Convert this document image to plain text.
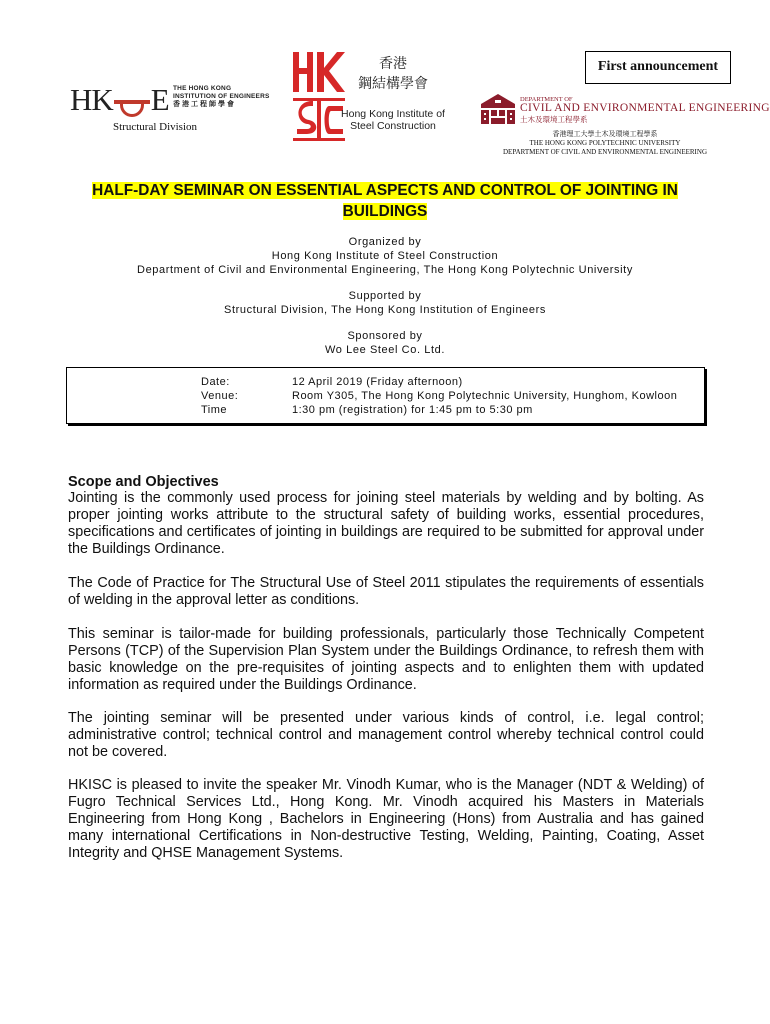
HK E THE HONG KONG
INSTITUTION OF ENGINEERS
香港工程師學會
Structural Division
香港
鋼結構學會
Hong Kong Institute of
Steel Construction
First announcement
DEPARTMENT OF
CIVIL AND ENVIRONMENTAL ENGINEERING
土木及環境工程學系
香港理工大學土木及環境工程學系
THE HONG KONG POLYTECHNIC UNIVERSITY
DEPARTMENT OF CIVIL AND ENVIRONMENTAL ENGINEERING
HALF-DAY SEMINAR ON ESSENTIAL ASPECTS AND CONTROL OF JOINTING IN
BUILDINGS
Organized by
Hong Kong Institute of Steel Construction
Department of Civil and Environmental Engineering, The Hong Kong Polytechnic University
Supported by
Structural Division, The Hong Kong Institution of Engineers
Sponsored by
Wo Lee Steel Co. Ltd.
Date:	12 April 2019 (Friday afternoon)
Venue:	Room Y305, The Hong Kong Polytechnic University, Hunghom, Kowloon
Time	1:30 pm (registration) for 1:45 pm to 5:30 pm
Scope and Objectives
Jointing is the commonly used process for joining steel materials by welding and by bolting. As proper jointing works attribute to the structural safety of building works, essential procedures, specifications and certificates of jointing in buildings are required to be submitted for approval under the Buildings Ordinance.
The Code of Practice for The Structural Use of Steel 2011 stipulates the requirements of essentials of welding in the approval letter as conditions.
This seminar is tailor-made for building professionals, particularly those Technically Competent Persons (TCP) of the Supervision Plan System under the Buildings Ordinance, to refresh them with basic knowledge on the pre-requisites of jointing aspects and to enlighten them with updated information as required under the Buildings Ordinance.
The jointing seminar will be presented under various kinds of control, i.e. legal control; administrative control; technical control and management control whereby technical control could not be covered.
HKISC is pleased to invite the speaker Mr. Vinodh Kumar, who is the Manager (NDT & Welding) of Fugro Technical Services Ltd., Hong Kong. Mr. Vinodh acquired his Masters in Materials Engineering from Hong Kong , Bachelors in Engineering (Hons) from Australia and has gained many international Certifications in Non-destructive Testing, Welding, Painting, Coating, Asset Integrity and QHSE Management Systems.
